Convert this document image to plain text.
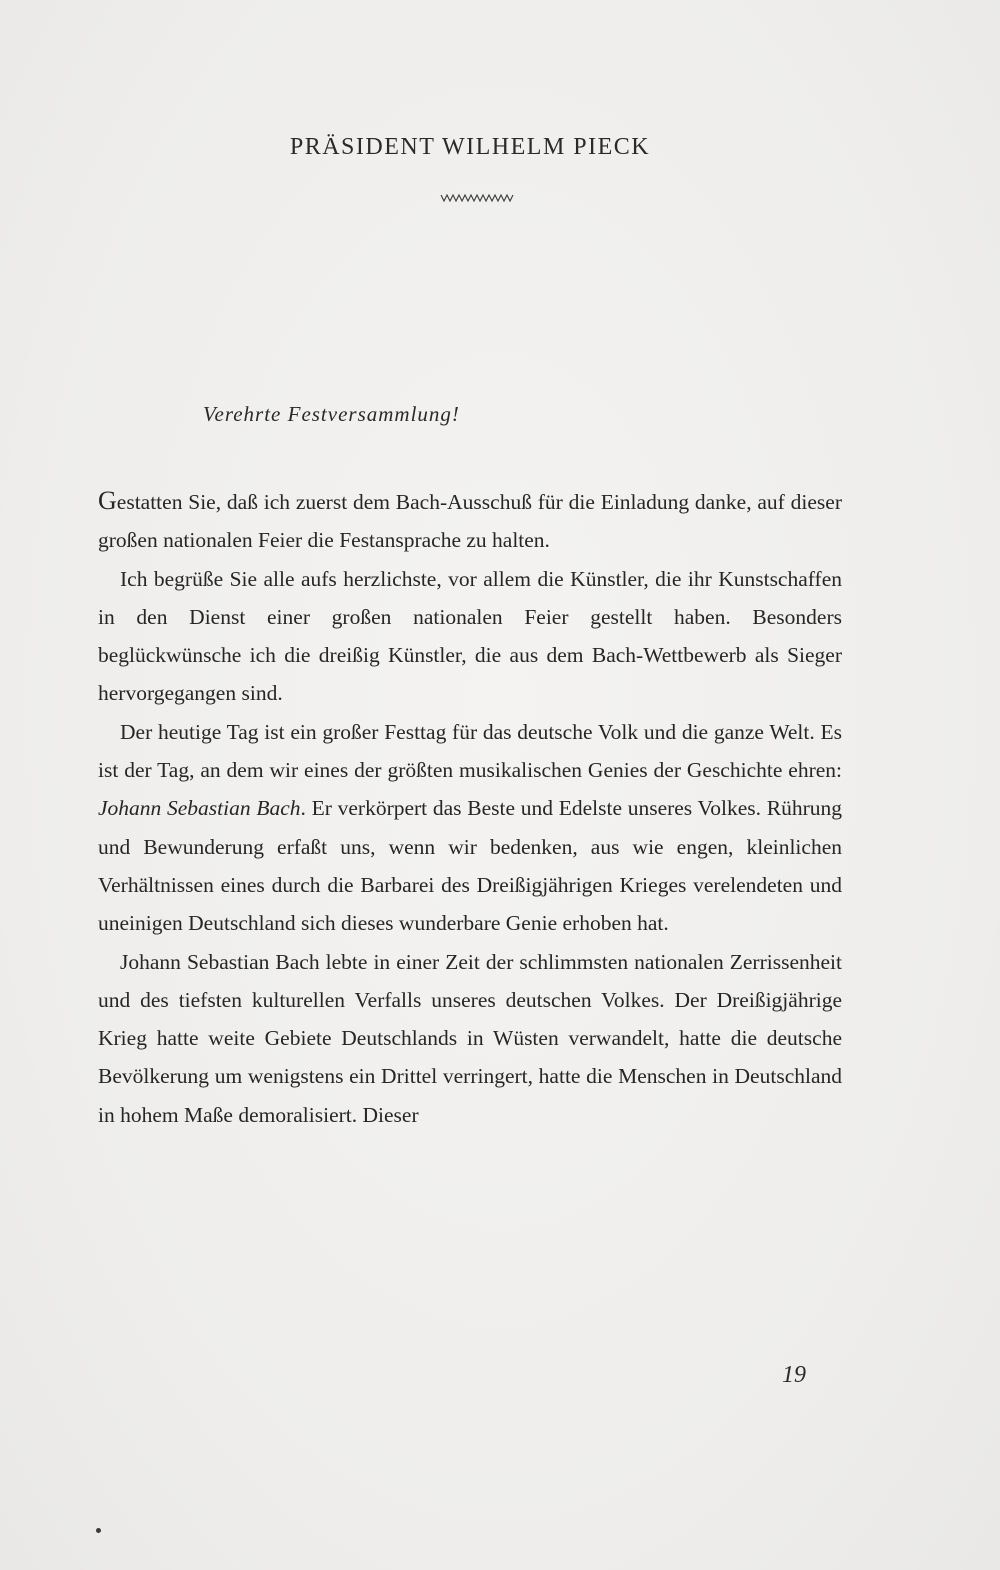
PRÄSIDENT WILHELM PIECK
Verehrte Festversammlung!

Gestatten Sie, daß ich zuerst dem Bach-Ausschuß für die Einladung danke, auf dieser großen nationalen Feier die Festansprache zu halten.

Ich begrüße Sie alle aufs herzlichste, vor allem die Künstler, die ihr Kunstschaffen in den Dienst einer großen nationalen Feier gestellt haben. Besonders beglückwünsche ich die dreißig Künstler, die aus dem Bach-Wettbewerb als Sieger hervorgegangen sind.

Der heutige Tag ist ein großer Festtag für das deutsche Volk und die ganze Welt. Es ist der Tag, an dem wir eines der größten musikalischen Genies der Geschichte ehren: Johann Sebastian Bach. Er verkörpert das Beste und Edelste unseres Volkes. Rührung und Bewunderung erfaßt uns, wenn wir bedenken, aus wie engen, kleinlichen Verhältnissen eines durch die Barbarei des Dreißigjährigen Krieges verelendeten und uneinigen Deutschland sich dieses wunderbare Genie erhoben hat.

Johann Sebastian Bach lebte in einer Zeit der schlimmsten nationalen Zerrissenheit und des tiefsten kulturellen Verfalls unseres deutschen Volkes. Der Dreißigjährige Krieg hatte weite Gebiete Deutschlands in Wüsten verwandelt, hatte die deutsche Bevölkerung um wenigstens ein Drittel verringert, hatte die Menschen in Deutschland in hohem Maße demoralisiert. Dieser

19
